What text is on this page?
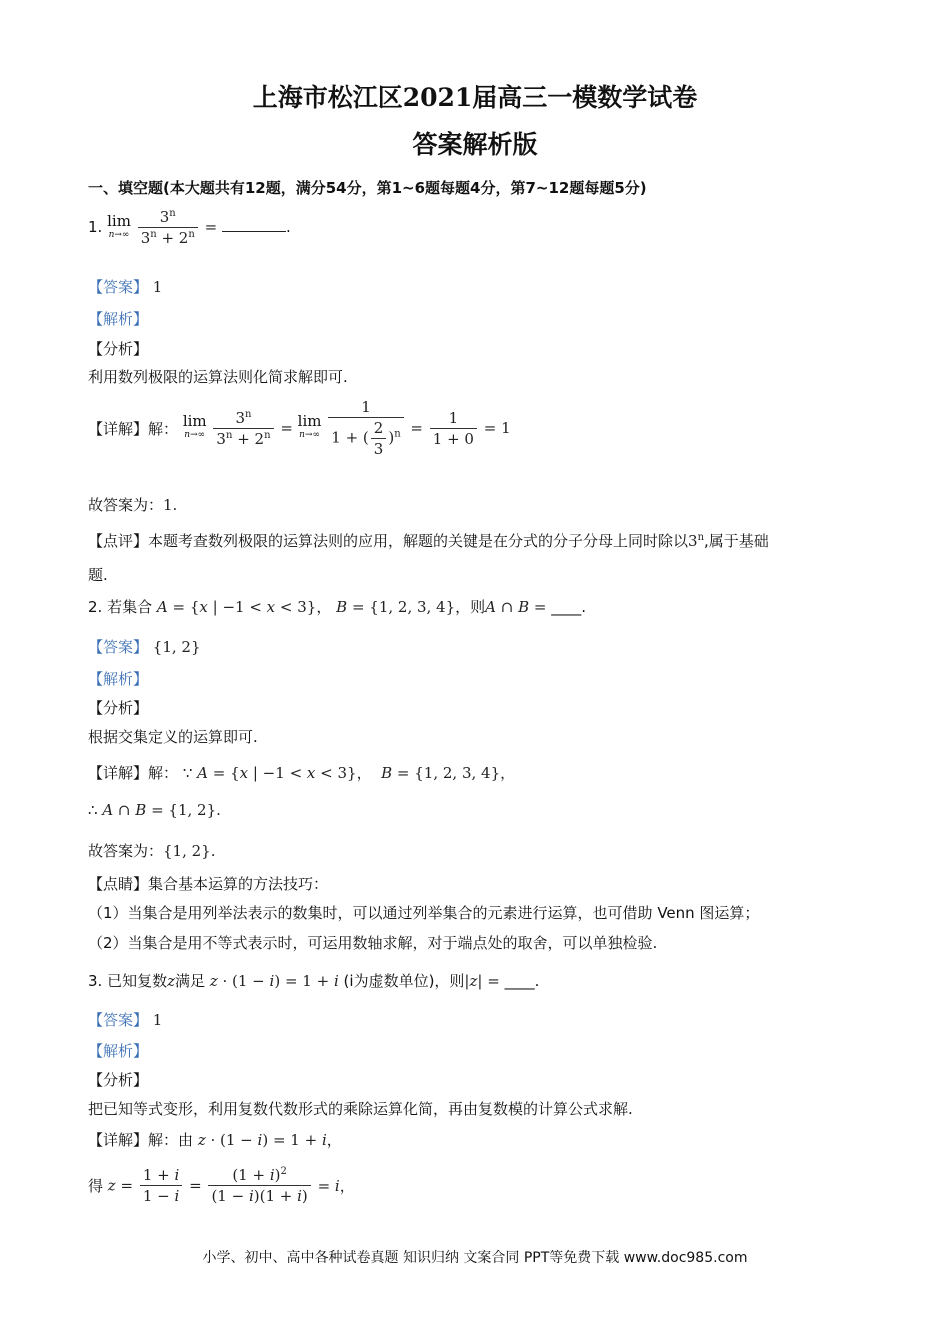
上海市松江区2021届高三一模数学试卷
答案解析版
一、填空题(本大题共有12题，满分54分，第1~6题每题4分，第7~12题每题5分)
1. lim
n→∞
$\frac{3^n}{3^n + 2^n}$ =	.
【答案】 1
【解析】
【分析】
利用数列极限的运算法则化简求解即可.
【详解】解： lim
n→∞
$\frac{3^n}{3^n + 2^n} = \lim$
n→∞
$\frac{1}{1 + ( \frac{2}{3} )^n} = \frac{1}{1 + 0} = 1$
故答案为：1.
【点评】本题考查数列极限的运算法则的应用，解题的关键是在分式的分子分母上同时除以3$^n$,属于基础
题.
2. 若集合 A = {x | −1 < x < 3}， B = {1, 2, 3, 4}，则A ∩ B = ____.
【答案】 {1, 2}
【解析】
【分析】
根据交集定义的运算即可.
【详解】解： ∵ A = {x | −1 < x < 3}，  B = {1, 2, 3, 4}，
∴ A ∩ B = {1, 2}.
故答案为：{1, 2}.
【点睛】集合基本运算的方法技巧：
（1）当集合是用列举法表示的数集时，可以通过列举集合的元素进行运算，也可借助 Venn 图运算；
（2）当集合是用不等式表示时，可运用数轴求解，对于端点处的取舍，可以单独检验.
3. 已知复数z满足 z · (1 − i) = 1 + i (i为虚数单位)，则|z| = ____.
【答案】 1
【解析】
【分析】
把已知等式变形，利用复数代数形式的乘除运算化简，再由复数模的计算公式求解.
【详解】解：由 z · (1 − i) = 1 + i，
得 $z = \frac{1 + i}{1 - i} = \frac{(1 + i)^2}{(1 - i)(1 + i)} = i$，
小学、初中、高中各种试卷真题 知识归纳 文案合同 PPT等免费下载 www.doc985.com
